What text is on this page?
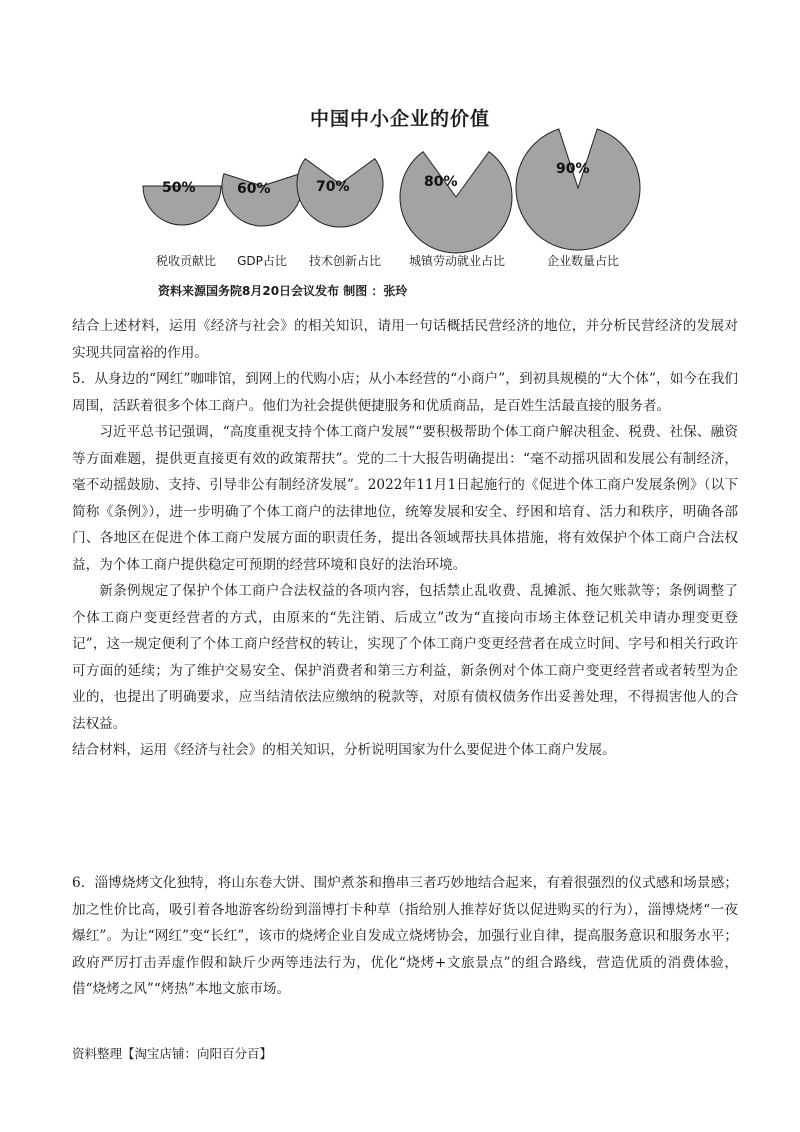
中国中小企业的价值
50%	60%	70%	80%
90%
税收贡献比 GDP占比 技术创新占比 城镇劳动就业占比	企业数量占比
资料来源国务院8月20日会议发布 制图 ：张玲

结合上述材料，运用《经济与社会》的相关知识，请用一句话概括民营经济的地位，并分析民营经济的发展对实现共同富裕的作用。

5．从身边的“网红”咖啡馆，到网上的代购小店；从小本经营的“小商户”，到初具规模的“大个体”，如今在我们周围，活跃着很多个体工商户。他们为社会提供便捷服务和优质商品，是百姓生活最直接的服务者。

习近平总书记强调，“高度重视支持个体工商户发展”“要积极帮助个体工商户解决租金、税费、社保、融资等方面难题，提供更直接更有效的政策帮扶”。党的二十大报告明确提出：“毫不动摇巩固和发展公有制经济，毫不动摇鼓励、支持、引导非公有制经济发展”。2022年11月1日起施行的《促进个体工商户发展条例》（以下简称《条例》），进一步明确了个体工商户的法律地位，统筹发展和安全、纾困和培育、活力和秩序，明确各部门、各地区在促进个体工商户发展方面的职责任务，提出各领域帮扶具体措施，将有效保护个体工商户合法权益，为个体工商户提供稳定可预期的经营环境和良好的法治环境。

新条例规定了保护个体工商户合法权益的各项内容，包括禁止乱收费、乱摊派、拖欠账款等；条例调整了个体工商户变更经营者的方式，由原来的“先注销、后成立”改为“直接向市场主体登记机关申请办理变更登记”，这一规定便利了个体工商户经营权的转让，实现了个体工商户变更经营者在成立时间、字号和相关行政许可方面的延续；为了维护交易安全、保护消费者和第三方利益，新条例对个体工商户变更经营者或者转型为企业的，也提出了明确要求，应当结清依法应缴纳的税款等，对原有债权债务作出妥善处理，不得损害他人的合法权益。

结合材料，运用《经济与社会》的相关知识，分析说明国家为什么要促进个体工商户发展。

6．淄博烧烤文化独特，将山东卷大饼、围炉煮茶和撸串三者巧妙地结合起来，有着很强烈的仪式感和场景感；加之性价比高，吸引着各地游客纷纷到淄博打卡种草（指给别人推荐好货以促进购买的行为），淄博烧烤“一夜爆红”。为让“网红”变“长红”，该市的烧烤企业自发成立烧烤协会，加强行业自律，提高服务意识和服务水平；政府严厉打击弄虚作假和缺斤少两等违法行为，优化“烧烤+文旅景点”的组合路线，营造优质的消费体验，借“烧烤之风”“烤热”本地文旅市场。

资料整理【淘宝店铺：向阳百分百】
